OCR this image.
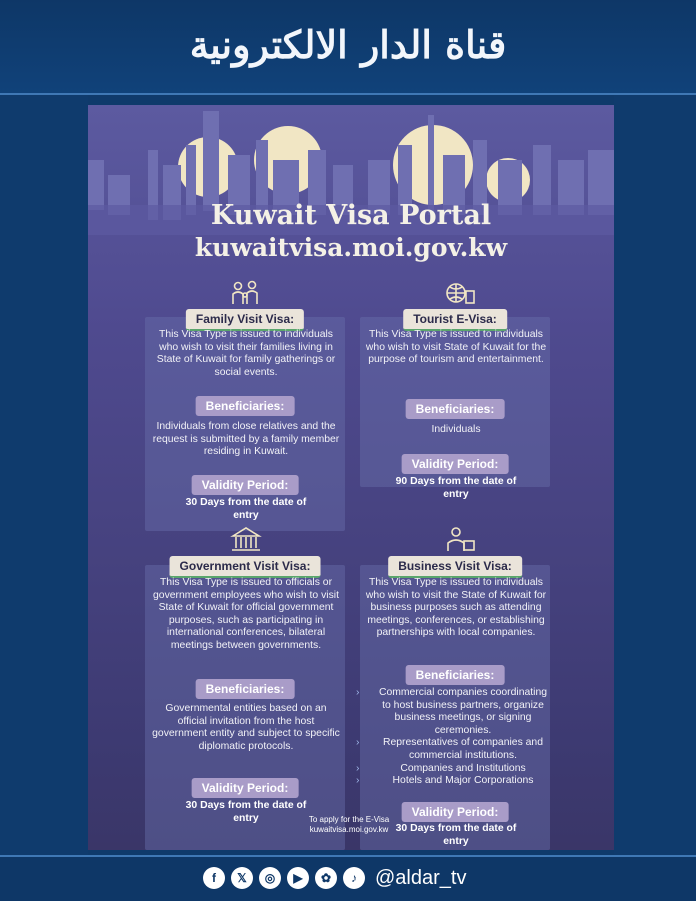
قناة الدار الالكترونية
Kuwait Visa Portal
kuwaitvisa.moi.gov.kw
Family Visit Visa:
This Visa Type is issued to individuals who wish to visit their families living in State of Kuwait for family gatherings or social events.
Beneficiaries:
Individuals from close relatives and the request is submitted by a family member residing in Kuwait.
Validity Period:
30 Days from the date of entry
Tourist E-Visa:
This Visa Type is issued to individuals who wish to visit State of Kuwait for the purpose of tourism and entertainment.
Beneficiaries:
Individuals
Validity Period:
90 Days from the date of entry
Government Visit Visa:
This Visa Type is issued to officials or government employees who wish to visit State of Kuwait for official government purposes, such as participating in international conferences, bilateral meetings between governments.
Beneficiaries:
Governmental entities based on an official invitation from the host government entity and subject to specific diplomatic protocols.
Validity Period:
30 Days from the date of entry
Business Visit Visa:
This Visa Type is issued to individuals who wish to visit the State of Kuwait for business purposes such as attending meetings, conferences, or establishing partnerships with local companies.
Beneficiaries:
› Commercial companies coordinating to host business partners, organize business meetings, or signing ceremonies.
› Representatives of companies and commercial institutions.
›	Companies and Institutions
›	Hotels and Major Corporations
Validity Period:
30 Days from the date of entry
To apply for the E-Visa
kuwaitvisa.moi.gov.kw
f	𝕏	◎	▶	✿	♪ @aldar_tv
